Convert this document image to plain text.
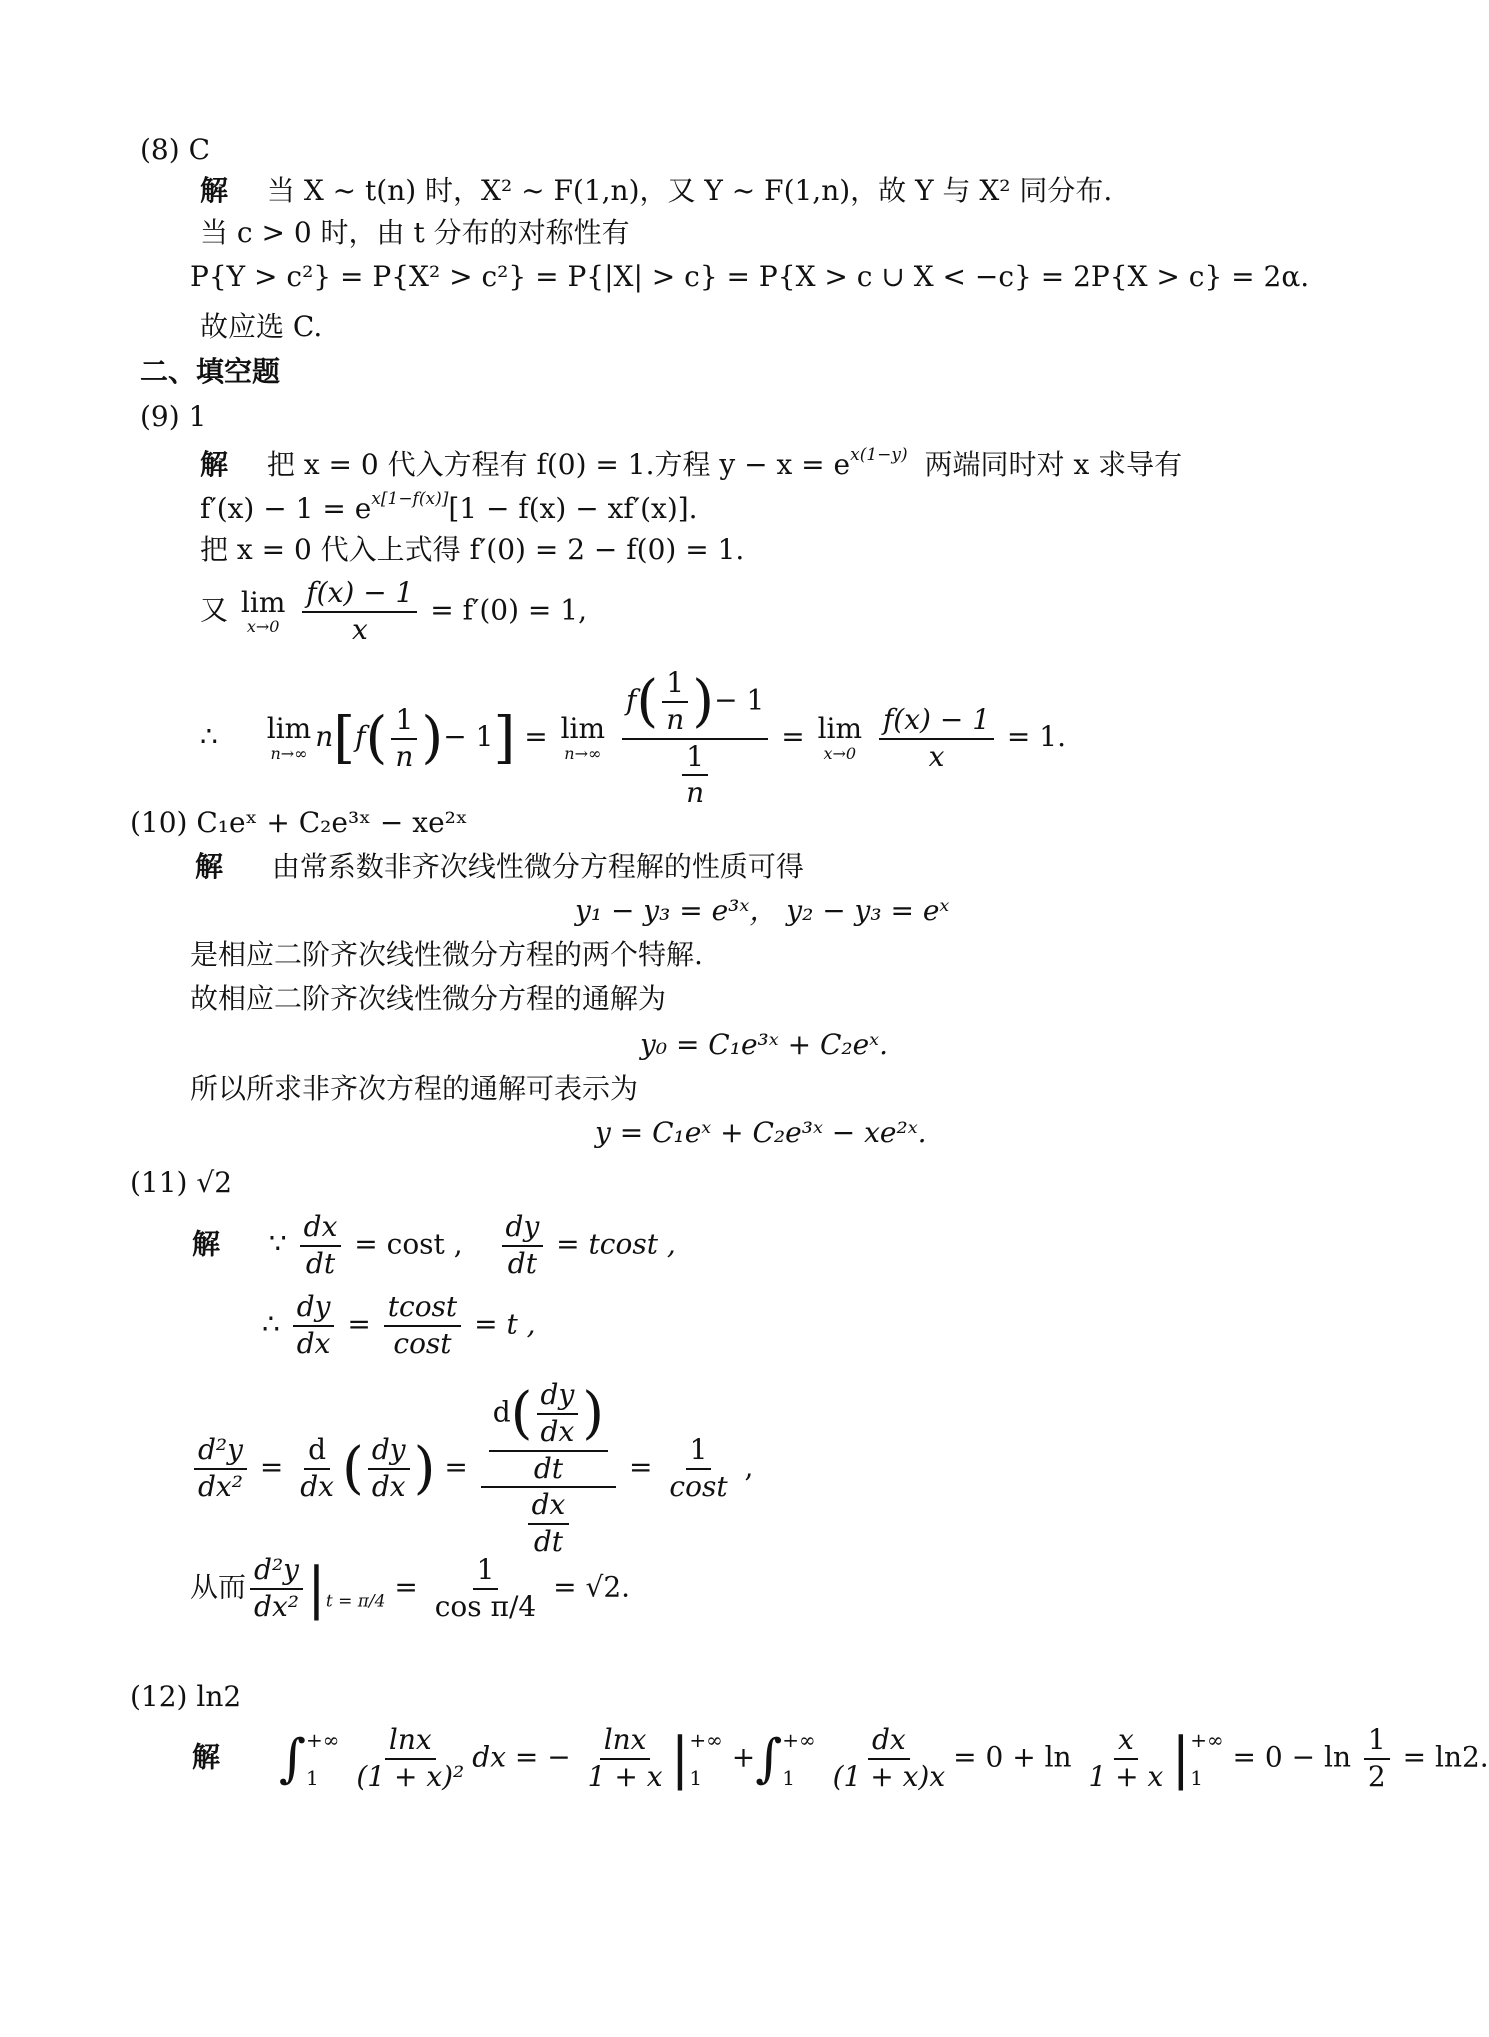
(8) C
解 当 X ~ t(n) 时，X² ~ F(1,n)，又 Y ~ F(1,n)，故 Y 与 X² 同分布.
当 c > 0 时，由 t 分布的对称性有
P{Y > c²} = P{X² > c²} = P{|X| > c} = P{X > c ∪ X < −c} = 2P{X > c} = 2α.
故应选 C.
二、填空题
(9) 1
解 把 x = 0 代入方程有 f(0) = 1.方程 $y - x = e^{x(1-y)}$ 两端同时对 x 求导有
$f'(x) - 1 = e^{x[1-f(x)]}[1 - f(x) - xf'(x)]$.
把 x = 0 代入上式得 f′(0) = 2 − f(0) = 1.
又 lim
x→0
$\frac{f(x) - 1}{x} = f'(0) = 1$,
∴ lim
n→∞
$n[f( \frac{1}{n}$ )− 1] = lim
n→∞
$\frac{f( \frac{1}{n} )- 1}{\frac{1}{n}} = \lim$
x→0
$\frac{f(x) - 1}{x} = 1$.
(10) C₁eˣ + C₂e³ˣ − xe²ˣ
解 由常系数非齐次线性微分方程解的性质可得
y₁ − y₃ = e³ˣ， y₂ − y₃ = eˣ
是相应二阶齐次线性微分方程的两个特解.
故相应二阶齐次线性微分方程的通解为
y₀ = C₁e³ˣ + C₂eˣ.
所以所求非齐次方程的通解可表示为
y = C₁eˣ + C₂e³ˣ − xe²ˣ.
(11) √2
解 ∵ $\frac{dx}{dt} = \cos t$ , $\frac{dy}{dt} = tcost$ ,
∴ $\frac{dy}{dx} = \frac{tcost}{\cos t} = t$ ,
$\frac{\text{d²y}}{\text{dx²}} = \frac{d}{dx}$ ( $\frac{dy}{dx}$ ) = $\frac{\frac{d( \frac{dy}{dx} )}{dt}}{\frac{dx}{dt}} = \frac{1}{\cos t}$ ,
从而 $\frac{\text{d²y}}{\text{dx²}} |_{t = \pi/4} = \frac{1}{\text{cos π/4}} = √2$.
(12) ln2
解 ∫ +∞
1
	$\frac{\ln x}{\text{(1 + x)²}}$ dx = − $\frac{\ln x}{1 + x}$ | +∞
1
+∫ +∞
1
	$\frac{dx}{(1 + x)x} = 0 + \ln \frac{x}{1 + x}$ | +∞
1
= $0 - \ln \frac{1}{2} = \ln 2$.
